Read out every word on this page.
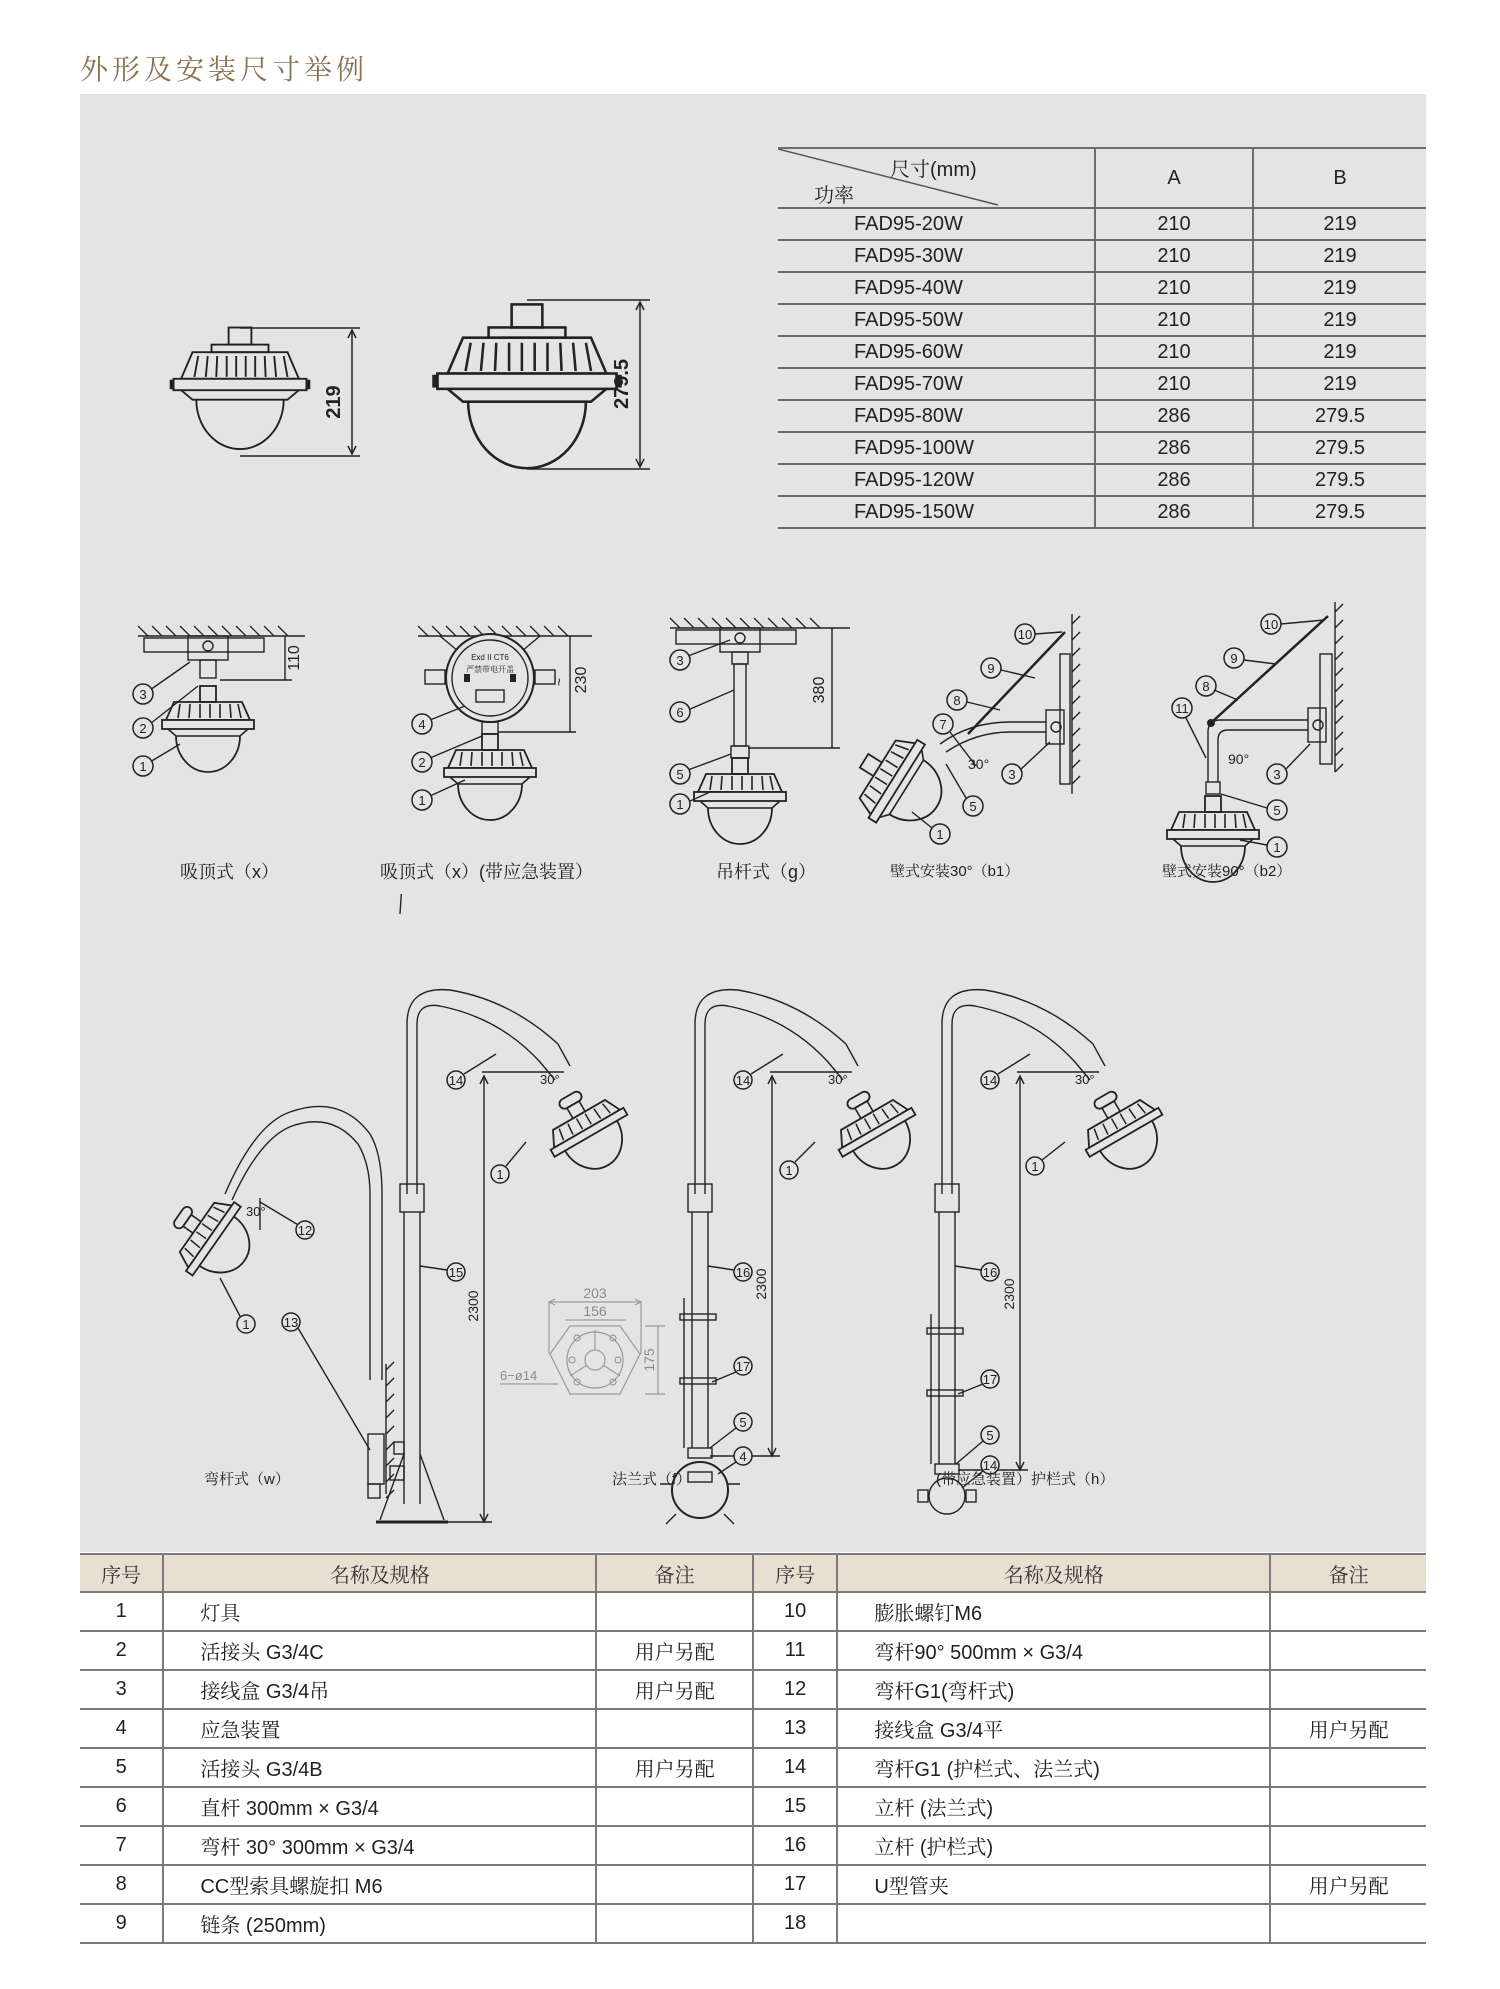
外形及安装尺寸举例
219	279.5
尺寸(mm)
功率	A	B
FAD95-20W	210	219
FAD95-30W	210	219
FAD95-40W	210	219
FAD95-50W	210	219
FAD95-60W	210	219
FAD95-70W	210	219
FAD95-80W	286	279.5
FAD95-100W	286	279.5
FAD95-120W	286	279.5
FAD95-150W	286	279.5
110
3
2
1
Exd II CT6
严禁带电开盖
~ 230
4
2
1
380
3
6
5
1
30°
10
9
8
7
3
5
1
90°
10
9
8
11
3
5
1
吸顶式（x）	吸顶式（x）(带应急装置）	吊杆式（g）	壁式安装30°（b1）	壁式安装90°（b2）
30°
12
1	13
30°
2300
14
15
1
203
156
175
6−ø14
30°
2300
14
1
16
17
5
4
30°
2300
14
1
16
17
5
14
弯杆式（w）	法兰式（f）	(带应急装置）护栏式（h）
序号	名称及规格	备注	序号	名称及规格	备注
1	灯具		10	膨胀螺钉M6	
2	活接头 G3/4C	用户另配	11	弯杆90° 500mm × G3/4	
3	接线盒 G3/4吊	用户另配	12	弯杆G1(弯杆式)	
4	应急装置		13	接线盒 G3/4平	用户另配
5	活接头 G3/4B	用户另配	14	弯杆G1 (护栏式、法兰式)	
6	直杆 300mm × G3/4		15	立杆 (法兰式)	
7	弯杆 30° 300mm × G3/4		16	立杆 (护栏式)	
8	CC型索具螺旋扣 M6		17	U型管夹	用户另配
9	链条 (250mm)		18		
